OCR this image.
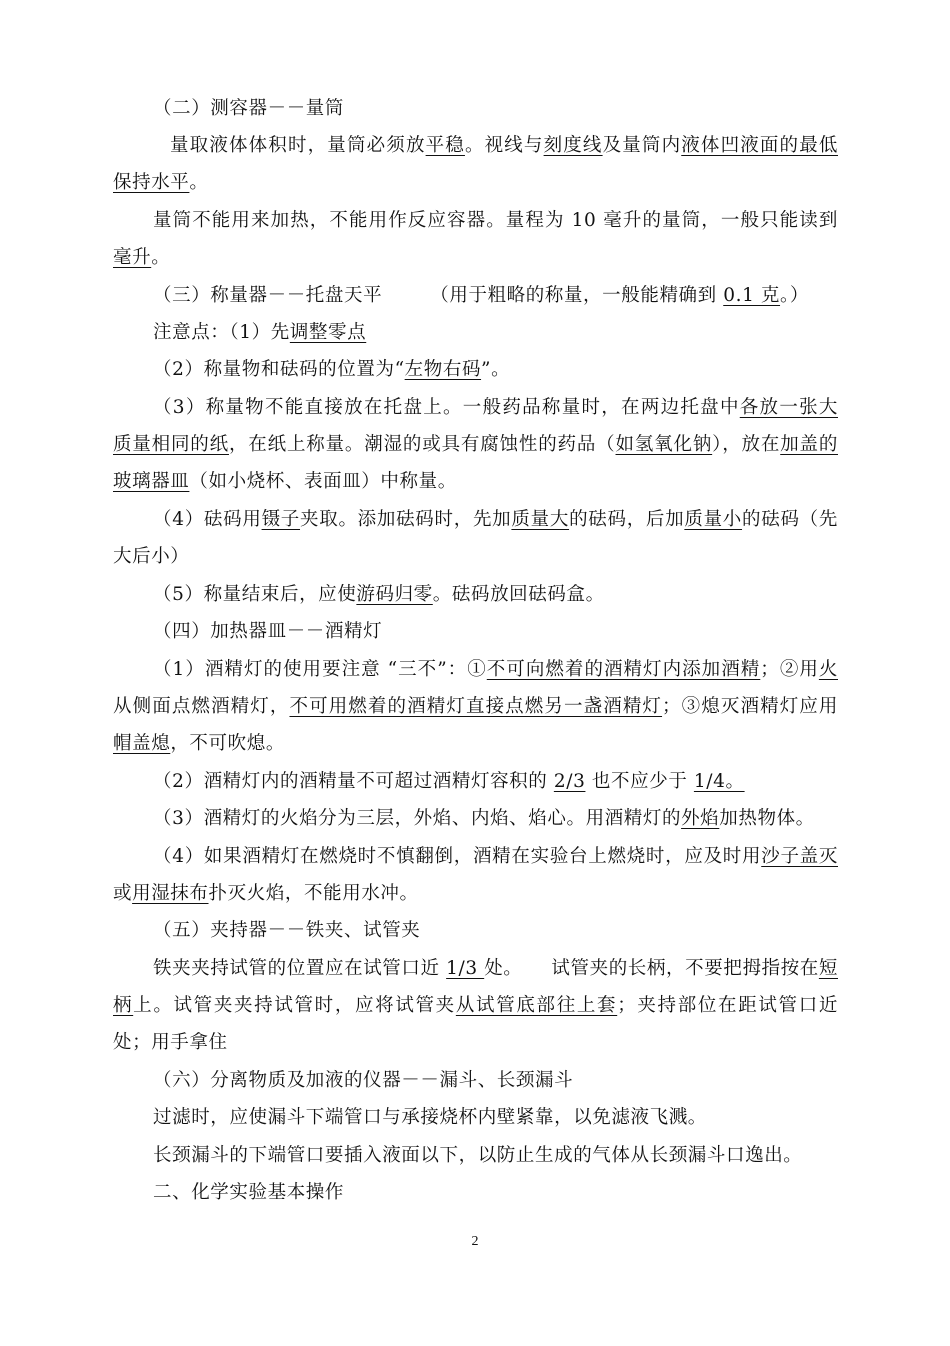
（二）测容器－－量筒
量取液体体积时，量筒必须放平稳。视线与刻度线及量筒内液体凹液面的最低
保持水平。
量筒不能用来加热，不能用作反应容器。量程为 10 毫升的量筒，一般只能读到
毫升。
（三）称量器－－托盘天平　　　（用于粗略的称量，一般能精确到 0.1 克。）
注意点：（1）先调整零点
（2）称量物和砝码的位置为“左物右码”。
（3）称量物不能直接放在托盘上。一般药品称量时，在两边托盘中各放一张大
质量相同的纸，在纸上称量。潮湿的或具有腐蚀性的药品（如氢氧化钠），放在加盖的
玻璃器皿（如小烧杯、表面皿）中称量。
（4）砝码用镊子夹取。添加砝码时，先加质量大的砝码，后加质量小的砝码（先
大后小）
（5）称量结束后，应使游码归零。砝码放回砝码盒。
（四）加热器皿－－酒精灯
（1）酒精灯的使用要注意 “三不”：①不可向燃着的酒精灯内添加酒精；②用火
从侧面点燃酒精灯，不可用燃着的酒精灯直接点燃另一盏酒精灯；③熄灭酒精灯应用
帽盖熄，不可吹熄。
（2）酒精灯内的酒精量不可超过酒精灯容积的 2/3 也不应少于 1/4。
（3）酒精灯的火焰分为三层，外焰、内焰、焰心。用酒精灯的外焰加热物体。
（4）如果酒精灯在燃烧时不慎翻倒，酒精在实验台上燃烧时，应及时用沙子盖灭
或用湿抹布扑灭火焰，不能用水冲。
（五）夹持器－－铁夹、试管夹
铁夹夹持试管的位置应在试管口近 1/3 处。　　试管夹的长柄，不要把拇指按在短
柄上。试管夹夹持试管时，应将试管夹从试管底部往上套；夹持部位在距试管口近
处；用手拿住
（六）分离物质及加液的仪器－－漏斗、长颈漏斗
过滤时，应使漏斗下端管口与承接烧杯内壁紧靠，以免滤液飞溅。
长颈漏斗的下端管口要插入液面以下，以防止生成的气体从长颈漏斗口逸出。
二、化学实验基本操作
2
